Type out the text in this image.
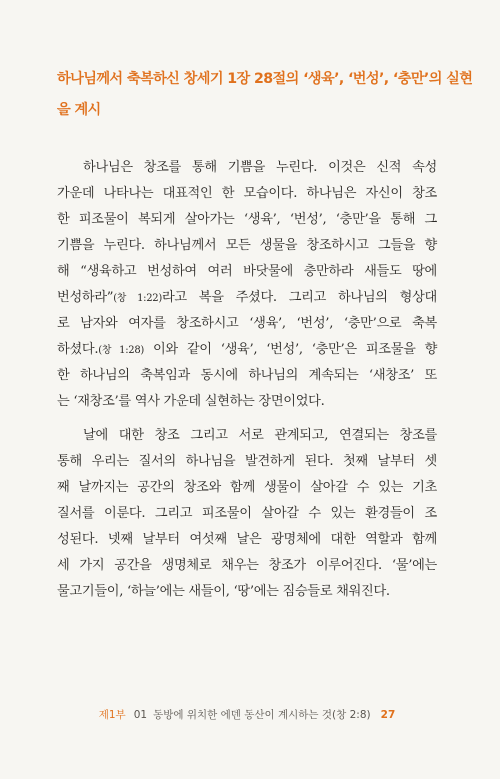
하나님께서 축복하신 창세기 1장 28절의 ‘생육’, ‘번성’, ‘충만’의 실현
을 계시
하나님은 창조를 통해 기쁨을 누린다. 이것은 신적 속성
가운데 나타나는 대표적인 한 모습이다. 하나님은 자신이 창조
한 피조물이 복되게 살아가는 ‘생육’, ‘번성’, ‘충만’을 통해 그
기쁨을 누린다. 하나님께서 모든 생물을 창조하시고 그들을 향
해 “생육하고 번성하여 여러 바닷물에 충만하라 새들도 땅에
번성하라”(창 1:22)라고 복을 주셨다. 그리고 하나님의 형상대
로 남자와 여자를 창조하시고 ‘생육’, ‘번성’, ‘충만’으로 축복
하셨다.(창 1:28) 이와 같이 ‘생육’, ‘번성’, ‘충만’은 피조물을 향
한 하나님의 축복임과 동시에 하나님의 계속되는 ‘새창조’ 또
는 ‘재창조’를 역사 가운데 실현하는 장면이었다.
날에 대한 창조 그리고 서로 관계되고, 연결되는 창조를
통해 우리는 질서의 하나님을 발견하게 된다. 첫째 날부터 셋
째 날까지는 공간의 창조와 함께 생물이 살아갈 수 있는 기초
질서를 이룬다. 그리고 피조물이 살아갈 수 있는 환경들이 조
성된다. 넷째 날부터 여섯째 날은 광명체에 대한 역할과 함께
세 가지 공간을 생명체로 채우는 창조가 이루어진다. ‘물’에는
물고기들이, ‘하늘’에는 새들이, ‘땅’에는 짐승들로 채워진다.
제1부 01 동방에 위치한 에덴 동산이 계시하는 것(창 2:8) 27
